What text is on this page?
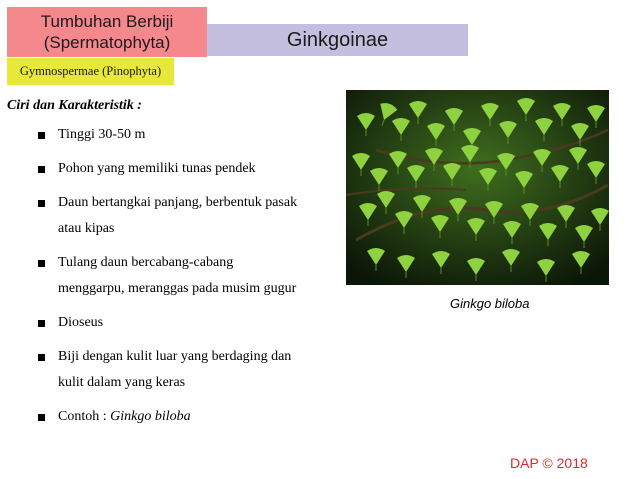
Tumbuhan Berbiji
(Spermatophyta)	Ginkgoinae
Gymnospermae (Pinophyta)
Ciri dan Karakteristik :
Tinggi 30-50 m
Pohon yang memiliki tunas pendek
Daun bertangkai panjang, berbentuk pasak atau kipas
Tulang daun bercabang-cabang menggarpu, meranggas pada musim gugur
Dioseus
Biji dengan kulit luar yang berdaging dan kulit dalam yang keras
Contoh : Ginkgo biloba
Ginkgo biloba
DAP © 2018
